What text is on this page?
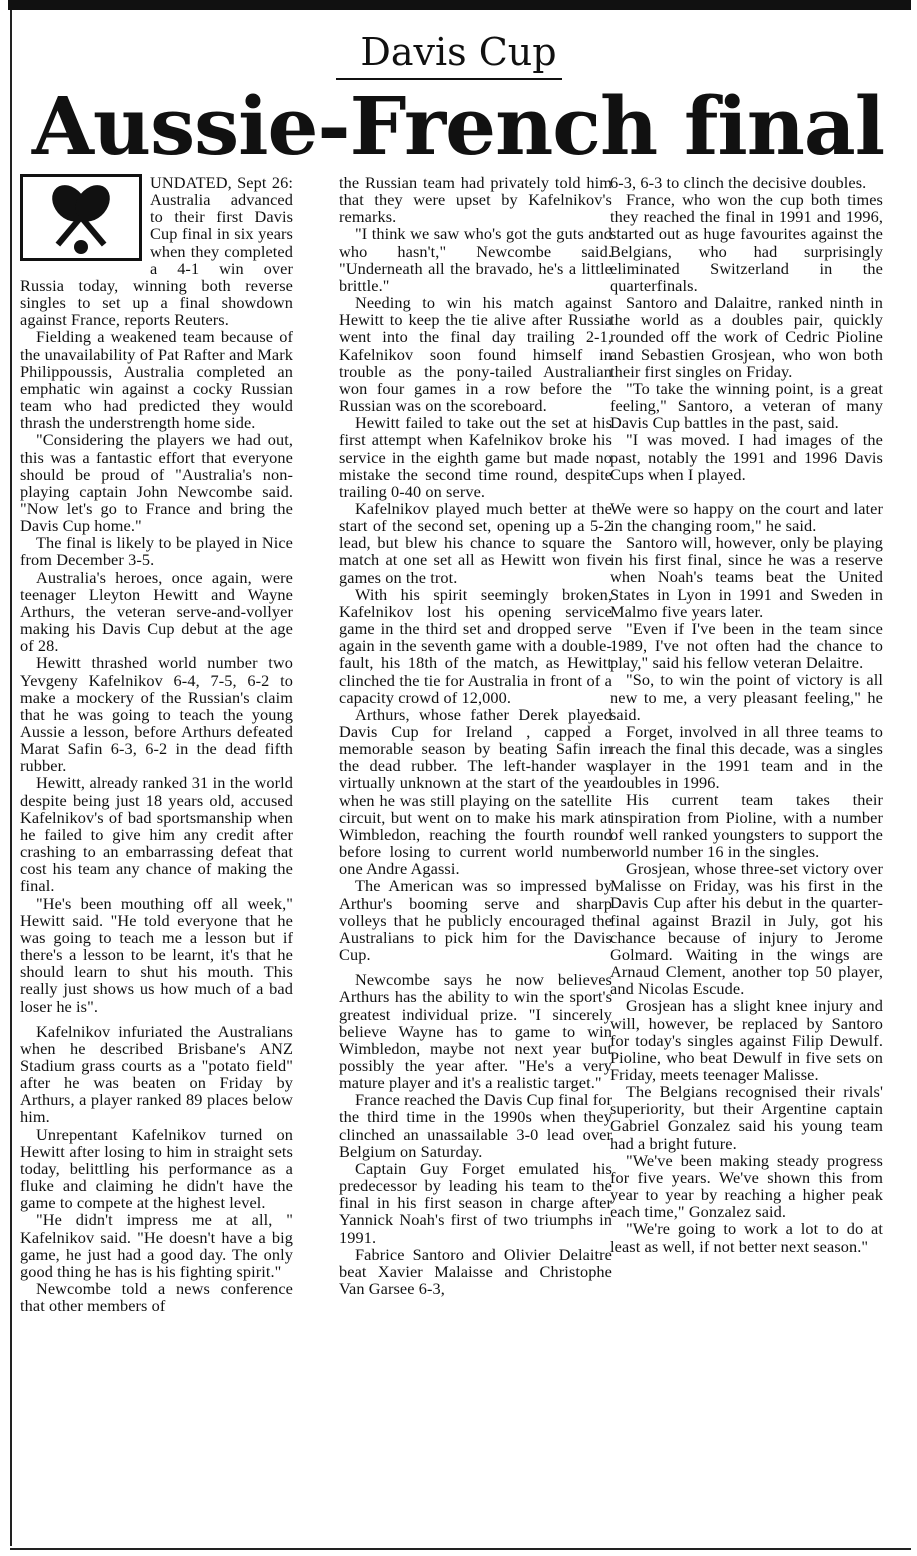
Davis Cup
Aussie-French final

UNDATED, Sept 26: Australia advanced to their first Davis Cup final in six years when they completed a 4-1 win over Russia today, winning both reverse singles to set up a final showdown against France, reports Reuters.

Fielding a weakened team because of the unavailability of Pat Rafter and Mark Philippoussis, Australia completed an emphatic win against a cocky Russian team who had predicted they would thrash the understrength home side.

"Considering the players we had out, this was a fantastic effort that everyone should be proud of "Australia's non-playing captain John Newcombe said. "Now let's go to France and bring the Davis Cup home."

The final is likely to be played in Nice from December 3-5.

Australia's heroes, once again, were teenager Lleyton Hewitt and Wayne Arthurs, the veteran serve-and-vollyer making his Davis Cup debut at the age of 28.

Hewitt thrashed world number two Yevgeny Kafelnikov 6-4, 7-5, 6-2 to make a mockery of the Russian's claim that he was going to teach the young Aussie a lesson, before Arthurs defeated Marat Safin 6-3, 6-2 in the dead fifth rubber.

Hewitt, already ranked 31 in the world despite being just 18 years old, accused Kafelnikov's of bad sportsmanship when he failed to give him any credit after crashing to an embarrassing defeat that cost his team any chance of making the final.

"He's been mouthing off all week," Hewitt said. "He told everyone that he was going to teach me a lesson but if there's a lesson to be learnt, it's that he should learn to shut his mouth. This really just shows us how much of a bad loser he is".

Kafelnikov infuriated the Australians when he described Brisbane's ANZ Stadium grass courts as a "potato field" after he was beaten on Friday by Arthurs, a player ranked 89 places below him.

Unrepentant Kafelnikov turned on Hewitt after losing to him in straight sets today, belittling his performance as a fluke and claiming he didn't have the game to compete at the highest level.

"He didn't impress me at all, " Kafelnikov said. "He doesn't have a big game, he just had a good day. The only good thing he has is his fighting spirit."

Newcombe told a news conference that other members of

the Russian team had privately told him that they were upset by Kafelnikov's remarks.

"I think we saw who's got the guts and who hasn't," Newcombe said. "Underneath all the bravado, he's a little brittle."

Needing to win his match against Hewitt to keep the tie alive after Russia went into the final day trailing 2-1, Kafelnikov soon found himself in trouble as the pony-tailed Australian won four games in a row before the Russian was on the scoreboard.

Hewitt failed to take out the set at his first attempt when Kafelnikov broke his service in the eighth game but made no mistake the second time round, despite trailing 0-40 on serve.

Kafelnikov played much better at the start of the second set, opening up a 5-2 lead, but blew his chance to square the match at one set all as Hewitt won five games on the trot.

With his spirit seemingly broken, Kafelnikov lost his opening service game in the third set and dropped serve again in the seventh game with a double-fault, his 18th of the match, as Hewitt clinched the tie for Australia in front of a capacity crowd of 12,000.

Arthurs, whose father Derek played Davis Cup for Ireland , capped a memorable season by beating Safin in the dead rubber. The left-hander was virtually unknown at the start of the year when he was still playing on the satellite circuit, but went on to make his mark at Wimbledon, reaching the fourth round before losing to current world number one Andre Agassi.

The American was so impressed by Arthur's booming serve and sharp volleys that he publicly encouraged the Australians to pick him for the Davis Cup.

Newcombe says he now believes Arthurs has the ability to win the sport's greatest individual prize. "I sincerely believe Wayne has to game to win Wimbledon, maybe not next year but possibly the year after. "He's a very mature player and it's a realistic target."

France reached the Davis Cup final for the third time in the 1990s when they clinched an unassailable 3-0 lead over Belgium on Saturday.

Captain Guy Forget emulated his predecessor by leading his team to the final in his first season in charge after Yannick Noah's first of two triumphs in 1991.

Fabrice Santoro and Olivier Delaitre beat Xavier Malaisse and Christophe Van Garsee 6-3,

6-3, 6-3 to clinch the decisive doubles.

France, who won the cup both times they reached the final in 1991 and 1996, started out as huge favourites against the Belgians, who had surprisingly eliminated Switzerland in the quarterfinals.

Santoro and Dalaitre, ranked ninth in the world as a doubles pair, quickly rounded off the work of Cedric Pioline and Sebastien Grosjean, who won both their first singles on Friday.

"To take the winning point, is a great feeling," Santoro, a veteran of many Davis Cup battles in the past, said.

"I was moved. I had images of the past, notably the 1991 and 1996 Davis Cups when I played.

We were so happy on the court and later in the changing room," he said.

Santoro will, however, only be playing in his first final, since he was a reserve when Noah's teams beat the United States in Lyon in 1991 and Sweden in Malmo five years later.

"Even if I've been in the team since 1989, I've not often had the chance to play," said his fellow veteran Delaitre.

"So, to win the point of victory is all new to me, a very pleasant feeling," he said.

Forget, involved in all three teams to reach the final this decade, was a singles player in the 1991 team and in the doubles in 1996.

His current team takes their inspiration from Pioline, with a number of well ranked youngsters to support the world number 16 in the singles.

Grosjean, whose three-set victory over Malisse on Friday, was his first in the Davis Cup after his debut in the quarter-final against Brazil in July, got his chance because of injury to Jerome Golmard. Waiting in the wings are Arnaud Clement, another top 50 player, and Nicolas Escude.

Grosjean has a slight knee injury and will, however, be replaced by Santoro for today's singles against Filip Dewulf. Pioline, who beat Dewulf in five sets on Friday, meets teenager Malisse.

The Belgians recognised their rivals' superiority, but their Argentine captain Gabriel Gonzalez said his young team had a bright future.

"We've been making steady progress for five years. We've shown this from year to year by reaching a higher peak each time," Gonzalez said.

"We're going to work a lot to do at least as well, if not better next season."
